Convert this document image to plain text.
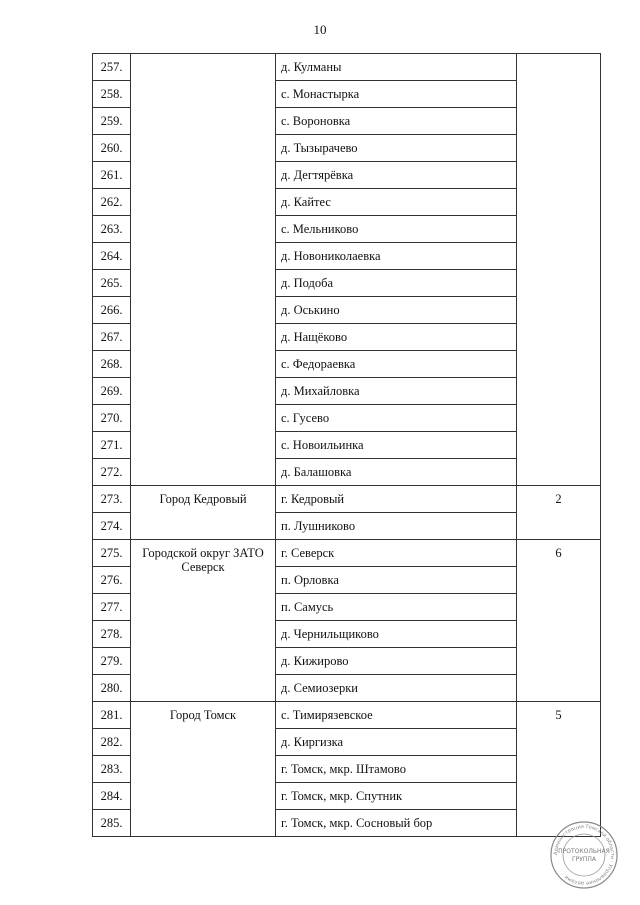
10
257.		д. Кулманы	
258.		с. Монастырка	
259.		с. Вороновка	
260.		д. Тызырачево	
261.		д. Дегтярёвка	
262.		д. Кайтес	
263.		с. Мельниково	
264.		д. Новониколаевка	
265.		д. Подоба	
266.		д. Оськино	
267.		д. Нащёково	
268.		с. Федораевка	
269.		д. Михайловка	
270.		с. Гусево	
271.		с. Новоильинка	
272.		д. Балашовка	
273.	Город Кедровый	г. Кедровый	2
274.		п. Лушниково	
275.	Городской округ ЗАТО Северск	г. Северск	6
276.		п. Орловка	
277.		п. Самусь	
278.		д. Чернильщиково	
279.		д. Кижирово	
280.		д. Семиозерки	
281.	Город Томск	с. Тимирязевское	5
282.		д. Киргизка	
283.		г. Томск, мкр. Штамово	
284.		г. Томск, мкр. Спутник	
285.		г. Томск, мкр. Сосновый бор	
Администрация Томской области · Управление делами ·
ПРОТОКОЛЬНАЯ
ГРУППА
